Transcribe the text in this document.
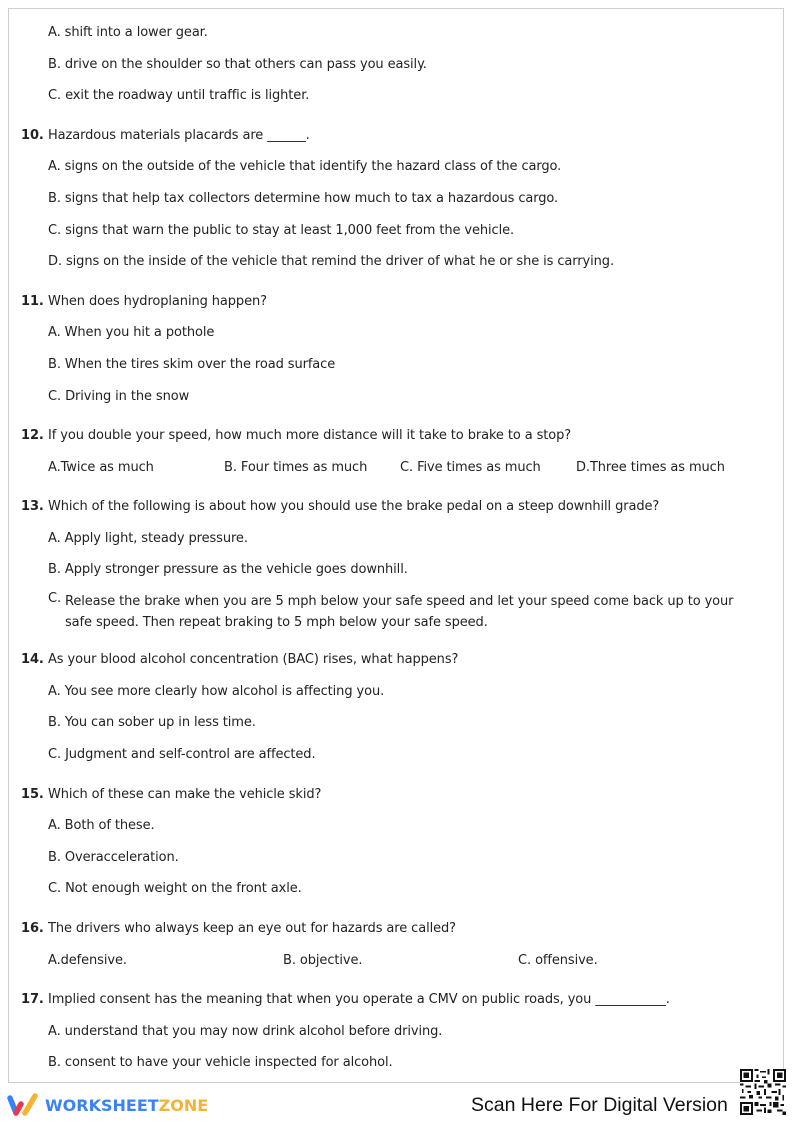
A. shift into a lower gear.
B. drive on the shoulder so that others can pass you easily.
C. exit the roadway until traffic is lighter.
10. Hazardous materials placards are ______.
A. signs on the outside of the vehicle that identify the hazard class of the cargo.
B. signs that help tax collectors determine how much to tax a hazardous cargo.
C. signs that warn the public to stay at least 1,000 feet from the vehicle.
D. signs on the inside of the vehicle that remind the driver of what he or she is carrying.
11. When does hydroplaning happen?
A. When you hit a pothole
B. When the tires skim over the road surface
C. Driving in the snow
12. If you double your speed, how much more distance will it take to brake to a stop?
A.Twice as much	B. Four times as much	C. Five times as much	D.Three times as much
13. Which of the following is about how you should use the brake pedal on a steep downhill grade?
A. Apply light, steady pressure.
B. Apply stronger pressure as the vehicle goes downhill.
C. Release the brake when you are 5 mph below your safe speed and let your speed come back up to your safe speed. Then repeat braking to 5 mph below your safe speed.
14. As your blood alcohol concentration (BAC) rises, what happens?
A. You see more clearly how alcohol is affecting you.
B. You can sober up in less time.
C. Judgment and self-control are affected.
15. Which of these can make the vehicle skid?
A. Both of these.
B. Overacceleration.
C. Not enough weight on the front axle.
16. The drivers who always keep an eye out for hazards are called?
A.defensive.	B. objective.	C. offensive.
17. Implied consent has the meaning that when you operate a CMV on public roads, you ___________.
A. understand that you may now drink alcohol before driving.
B. consent to have your vehicle inspected for alcohol.
WORKSHEETZONE	Scan Here For Digital Version
